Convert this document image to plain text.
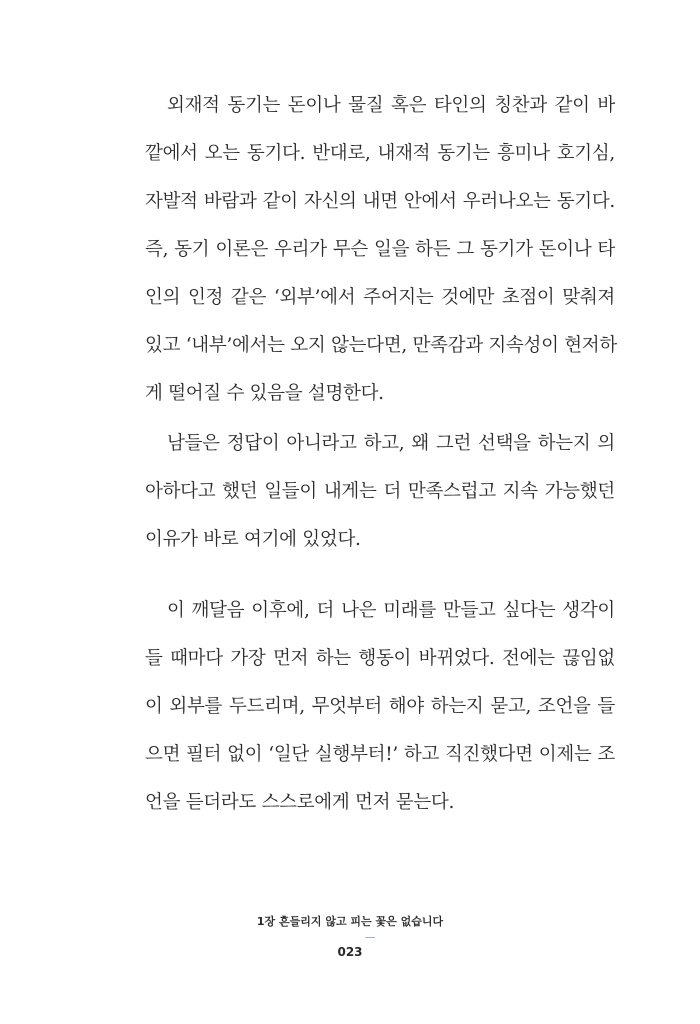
외재적 동기는 돈이나 물질 혹은 타인의 칭찬과 같이 바
깥에서 오는 동기다. 반대로, 내재적 동기는 흥미나 호기심,
자발적 바람과 같이 자신의 내면 안에서 우러나오는 동기다.
즉, 동기 이론은 우리가 무슨 일을 하든 그 동기가 돈이나 타
인의 인정 같은 ‘외부’에서 주어지는 것에만 초점이 맞춰져
있고 ‘내부’에서는 오지 않는다면, 만족감과 지속성이 현저하
게 떨어질 수 있음을 설명한다.
남들은 정답이 아니라고 하고, 왜 그런 선택을 하는지 의
아하다고 했던 일들이 내게는 더 만족스럽고 지속 가능했던
이유가 바로 여기에 있었다.
이 깨달음 이후에, 더 나은 미래를 만들고 싶다는 생각이
들 때마다 가장 먼저 하는 행동이 바뀌었다. 전에는 끊임없
이 외부를 두드리며, 무엇부터 해야 하는지 묻고, 조언을 들
으면 필터 없이 ‘일단 실행부터!’ 하고 직진했다면 이제는 조
언을 듣더라도 스스로에게 먼저 묻는다.
1장 흔들리지 않고 피는 꽃은 없습니다
023
